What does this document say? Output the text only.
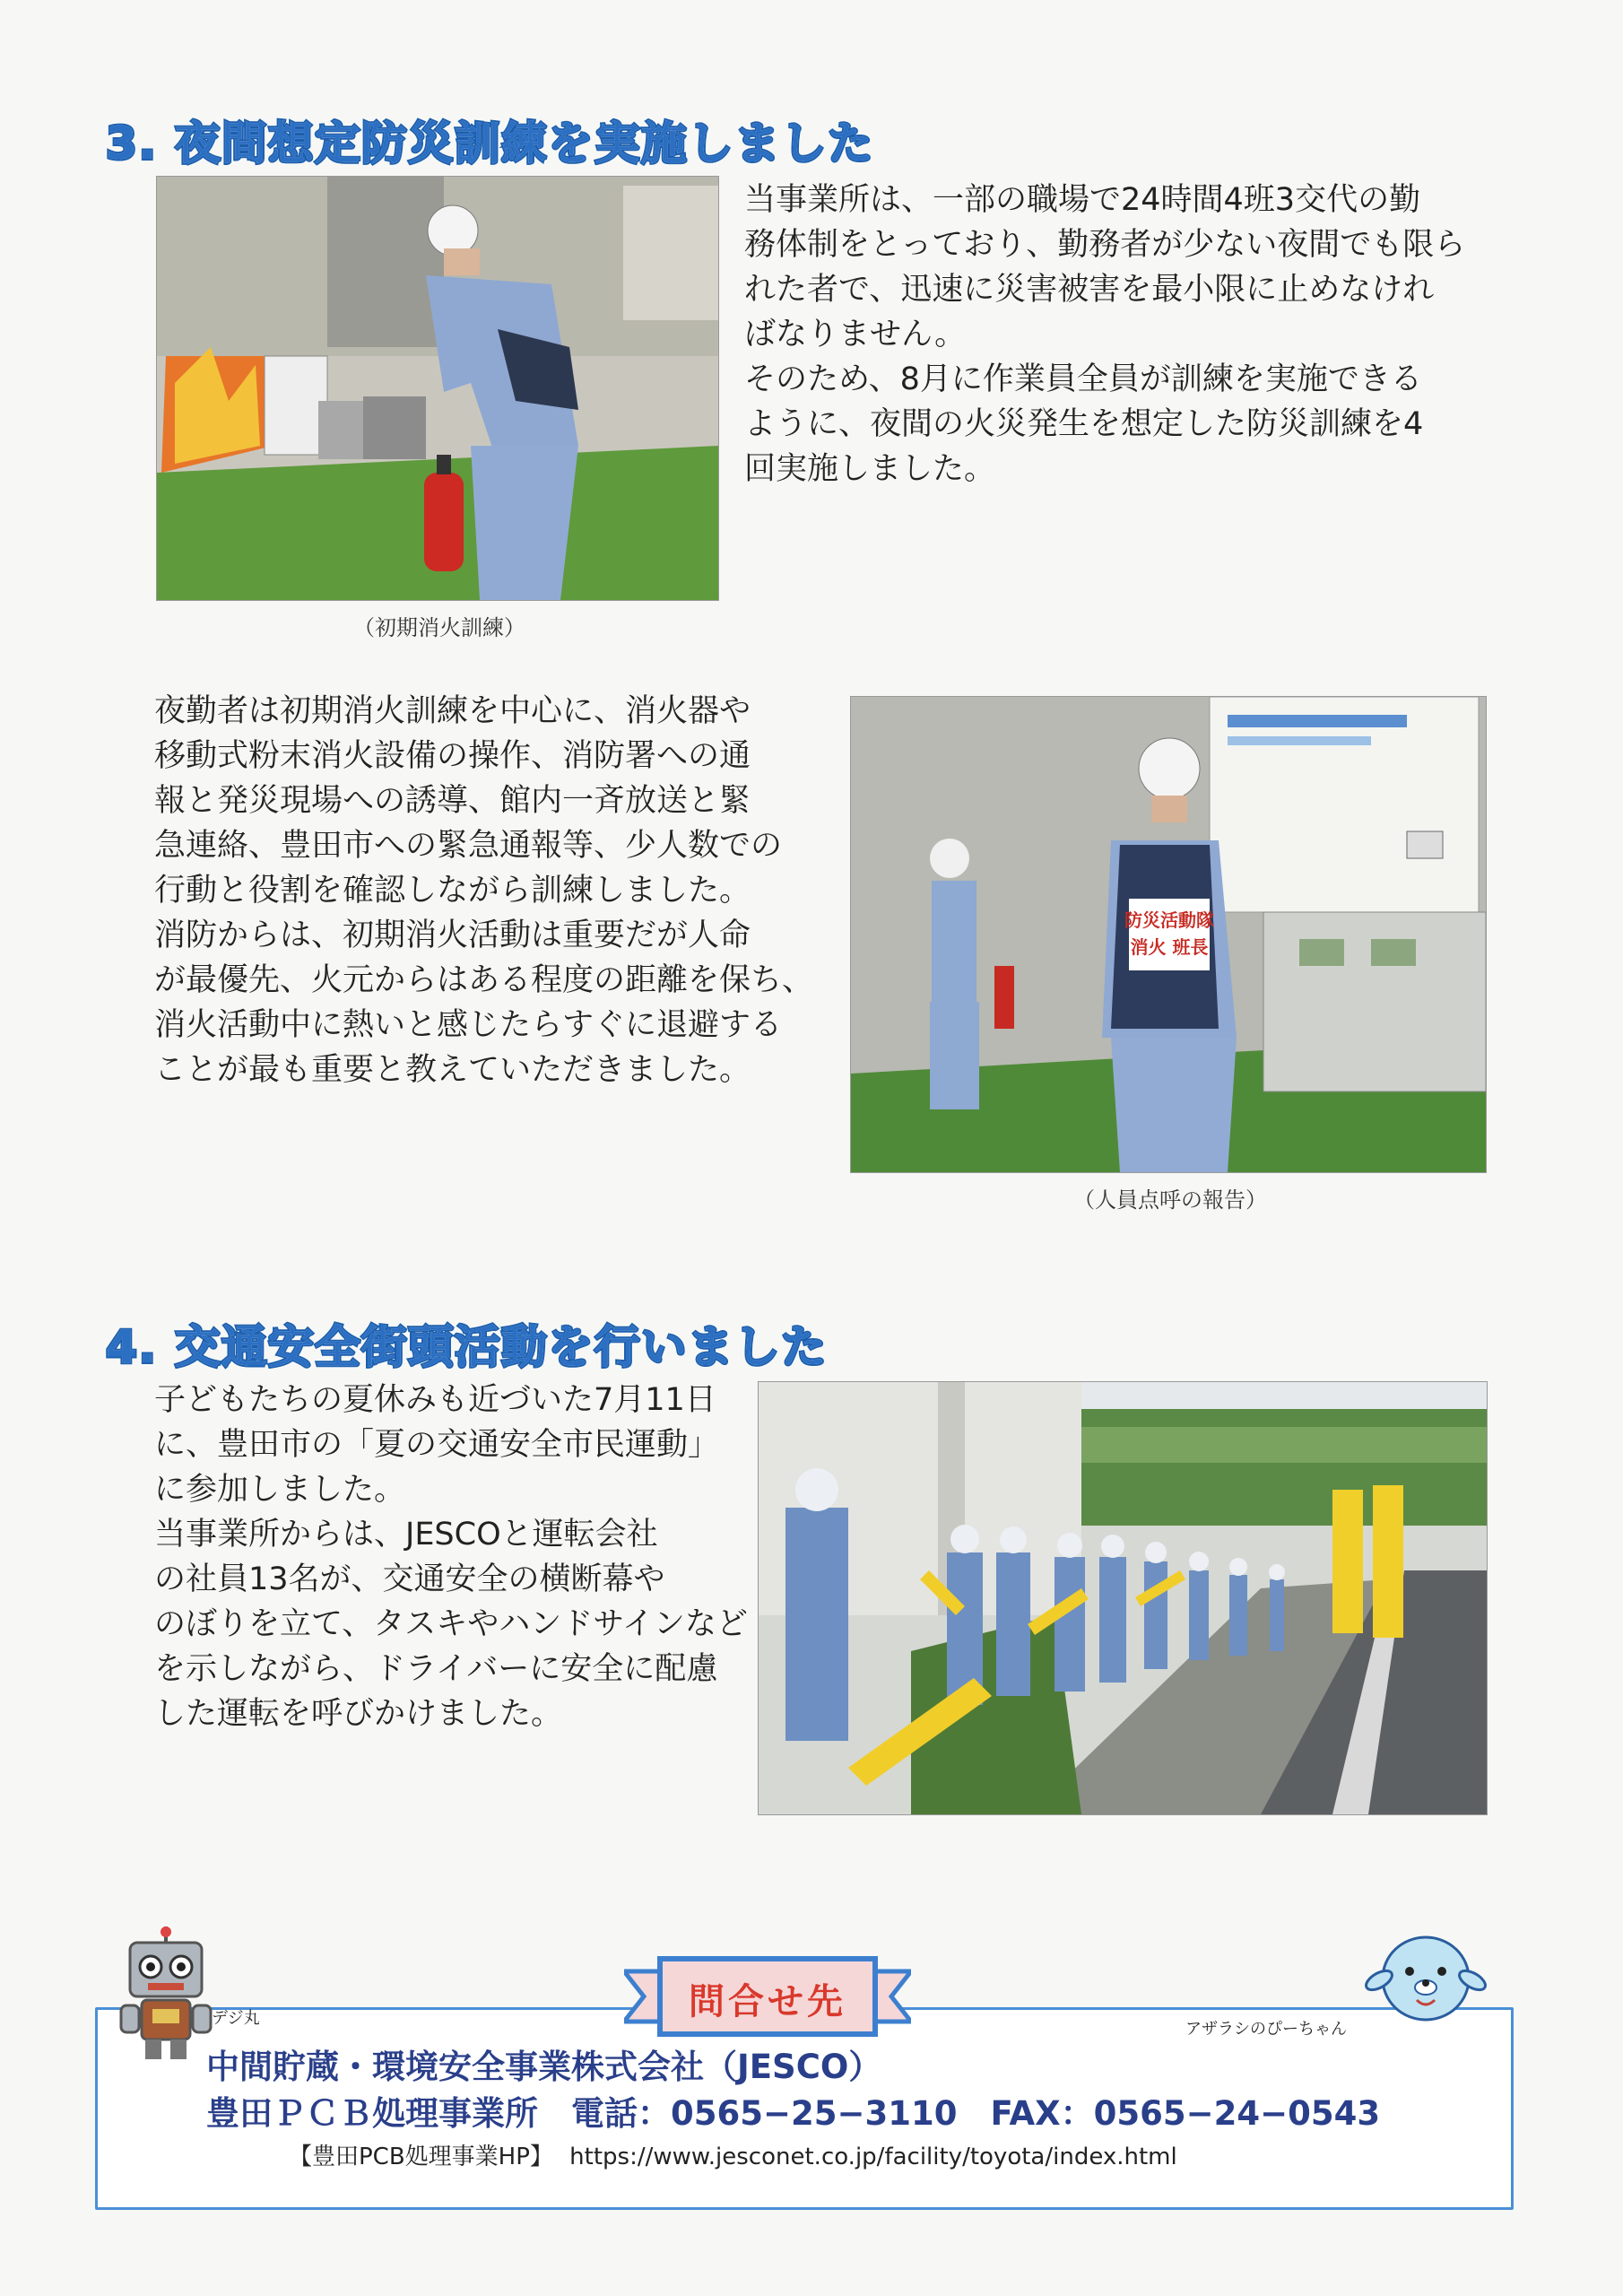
3. 夜間想定防災訓練を実施しました
（初期消火訓練）

当事業所は、一部の職場で24時間4班3交代の勤

務体制をとっており、勤務者が少ない夜間でも限ら

れた者で、迅速に災害被害を最小限に止めなけれ

ばなりません。

そのため、8月に作業員全員が訓練を実施できる

ように、夜間の火災発生を想定した防災訓練を4

回実施しました。

夜勤者は初期消火訓練を中心に、消火器や

移動式粉末消火設備の操作、消防署への通

報と発災現場への誘導、館内一斉放送と緊

急連絡、豊田市への緊急通報等、少人数での

行動と役割を確認しながら訓練しました。

消防からは、初期消火活動は重要だが人命

が最優先、火元からはある程度の距離を保ち、

消火活動中に熱いと感じたらすぐに退避する

ことが最も重要と教えていただきました。

防災活動隊
消火 班長
（人員点呼の報告）
4. 交通安全街頭活動を行いました

子どもたちの夏休みも近づいた7月11日

に、豊田市の「夏の交通安全市民運動」

に参加しました。

当事業所からは、JESCOと運転会社

の社員13名が、交通安全の横断幕や

のぼりを立て、タスキやハンドサインなど

を示しながら、ドライバーに安全に配慮

した運転を呼びかけました。

問合せ先
デジ丸
アザラシのぴーちゃん
中間貯蔵・環境安全事業株式会社（JESCO）
豊田ＰＣＢ処理事業所　電話：0565−25−3110　FAX：0565−24−0543
【豊田PCB処理事業HP】 https://www.jesconet.co.jp/facility/toyota/index.html
